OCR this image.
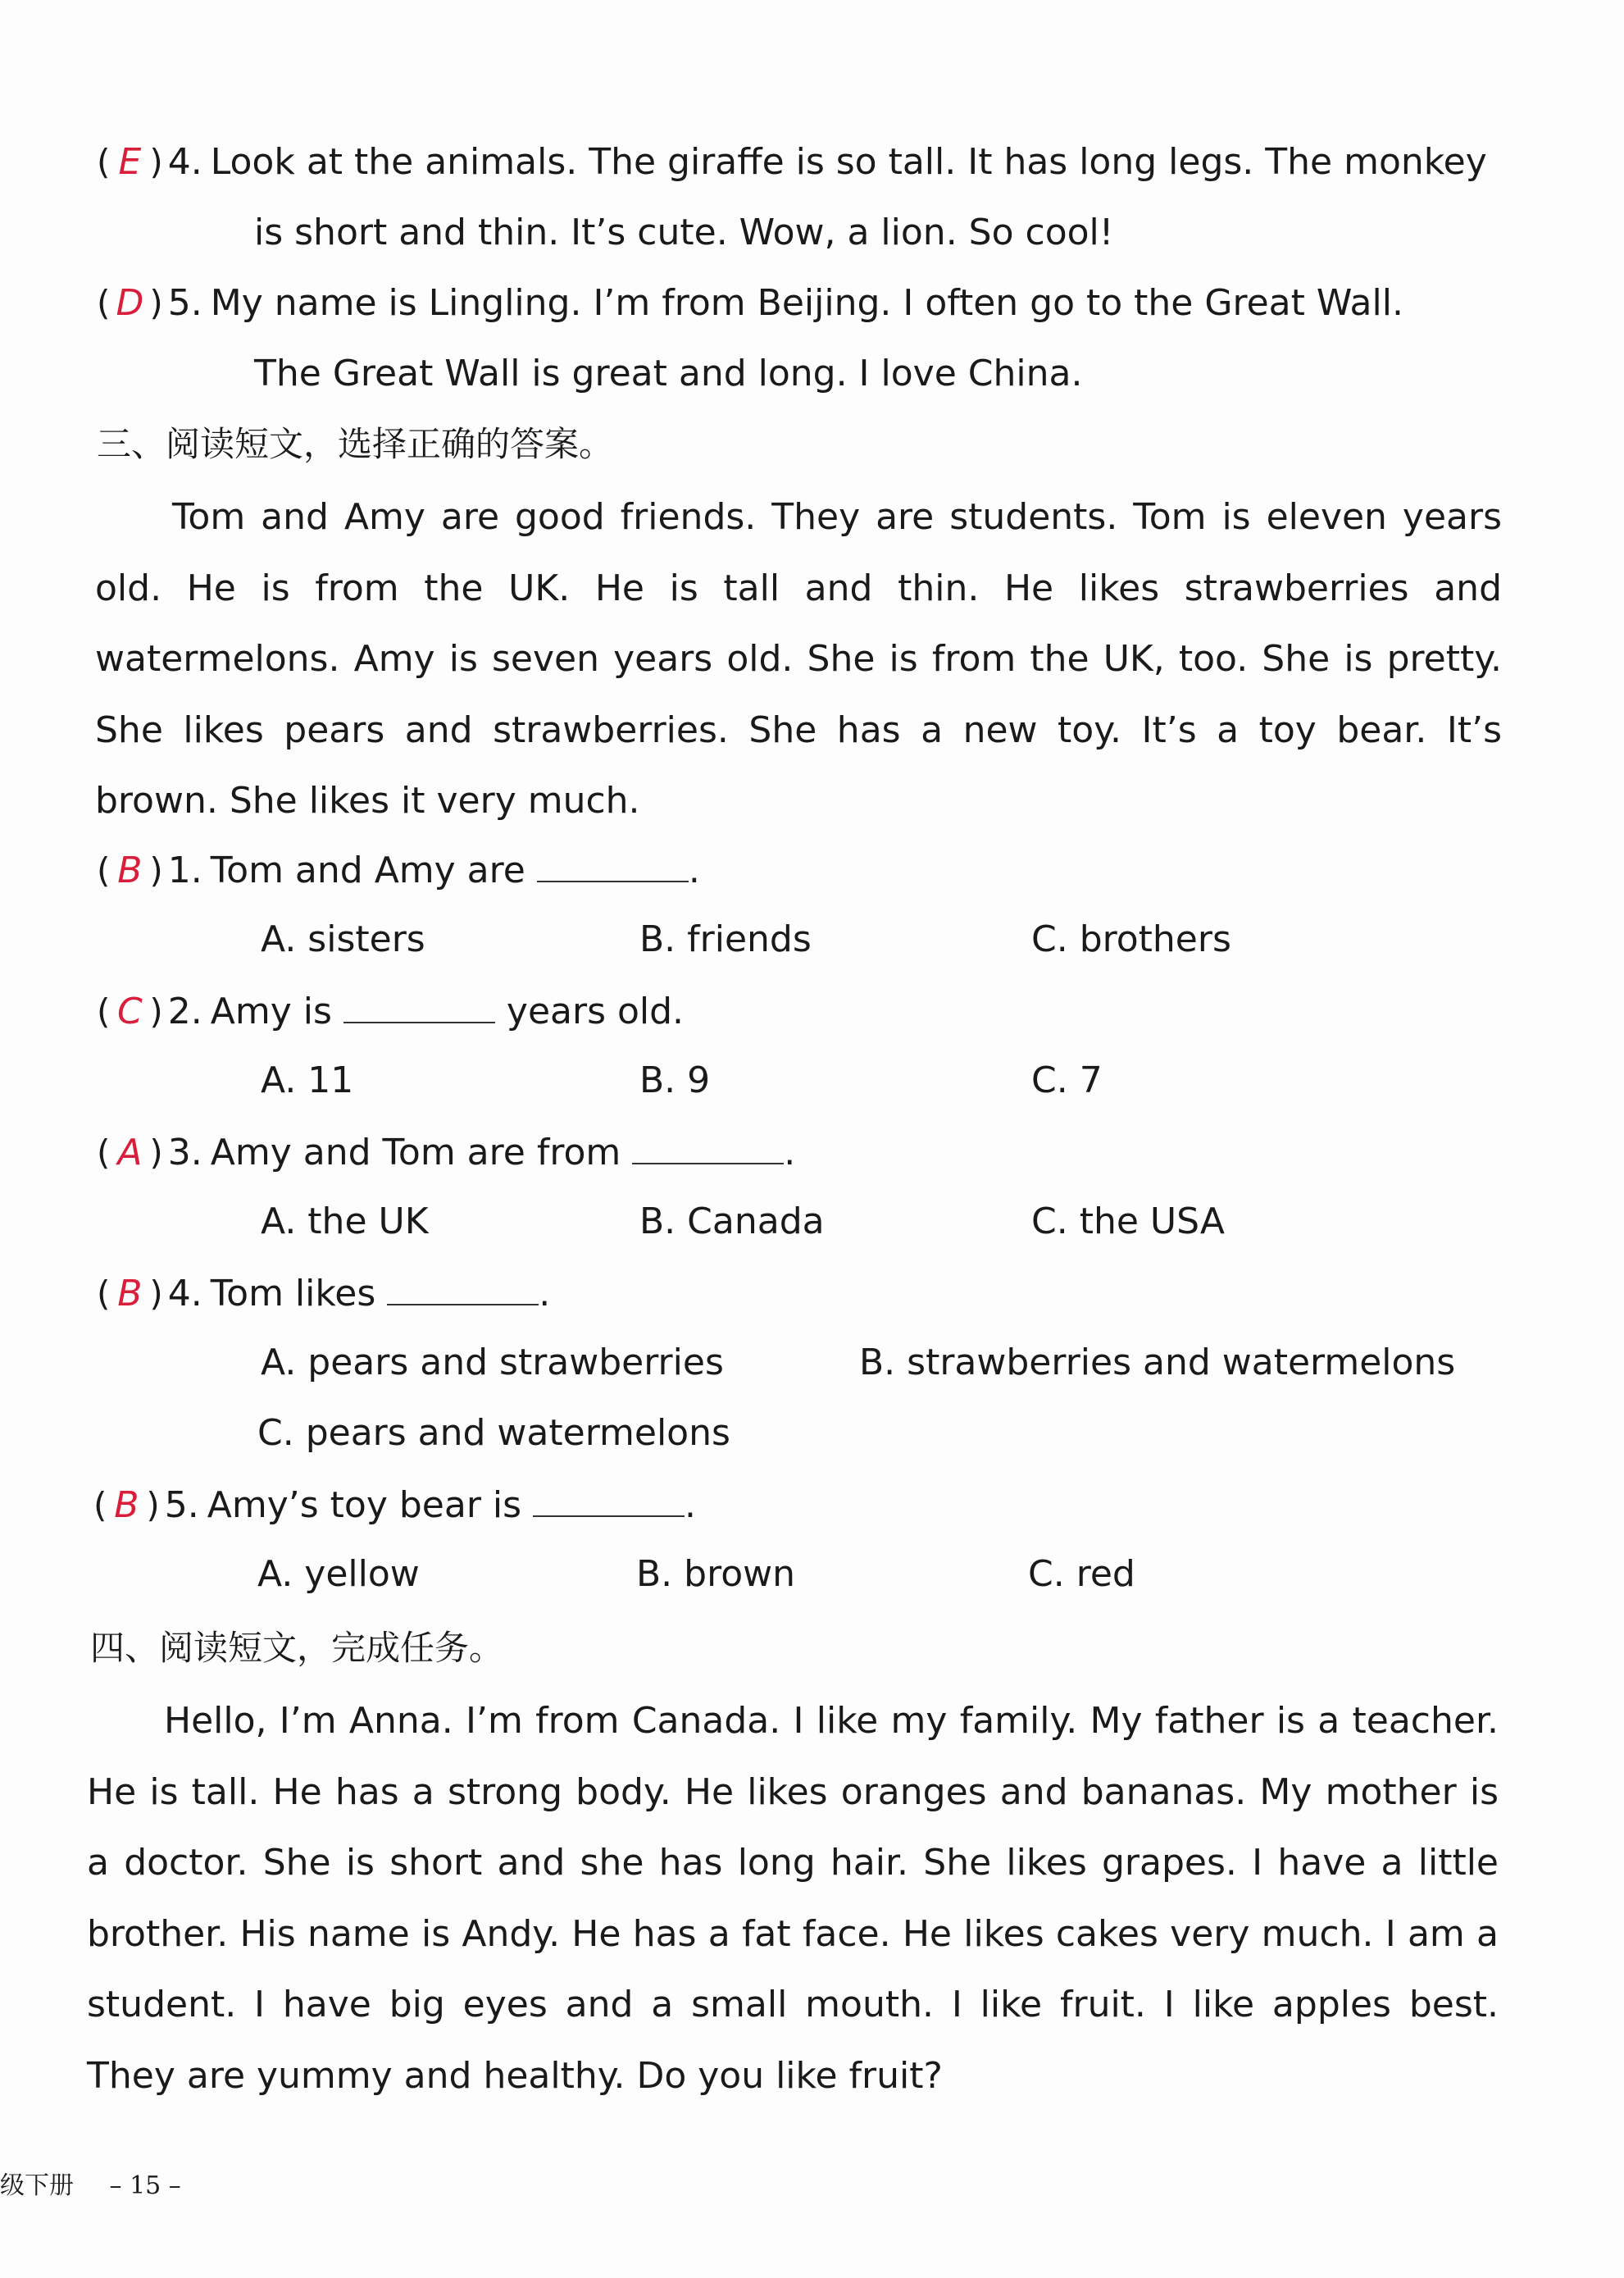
( E ) 4. Look at the animals. The giraffe is so tall. It has long legs. The monkey
is short and thin. It’s cute. Wow, a lion. So cool!
( D ) 5. My name is Lingling. I’m from Beijing. I often go to the Great Wall.
The Great Wall is great and long. I love China.
三、阅读短文，选择正确的答案。
Tom and Amy are good friends. They are students. Tom is eleven years old. He is from the UK. He is tall and thin. He likes strawberries and watermelons. Amy is seven years old. She is from the UK, too. She is pretty. She likes pears and strawberries. She has a new toy. It’s a toy bear. It’s brown. She likes it very much.
( B ) 1. Tom and Amy are	.
A. sisters	B. friends	C. brothers
( C ) 2. Amy is	years old.
A. 11	B. 9	C. 7
( A ) 3. Amy and Tom are from	.
A. the UK	B. Canada	C. the USA
( B ) 4. Tom likes	.
A. pears and strawberries	B. strawberries and watermelons
C. pears and watermelons
( B ) 5. Amy’s toy bear is	.
A. yellow	B. brown	C. red
四、阅读短文，完成任务。
Hello, I’m Anna. I’m from Canada. I like my family. My father is a teacher. He is tall. He has a strong body. He likes oranges and bananas. My mother is a doctor. She is short and she has long hair. She likes grapes. I have a little brother. His name is Andy. He has a fat face. He likes cakes very much. I am a student. I have big eyes and a small mouth. I like fruit. I like apples best. They are yummy and healthy. Do you like fruit?
级下册 – 15 –
